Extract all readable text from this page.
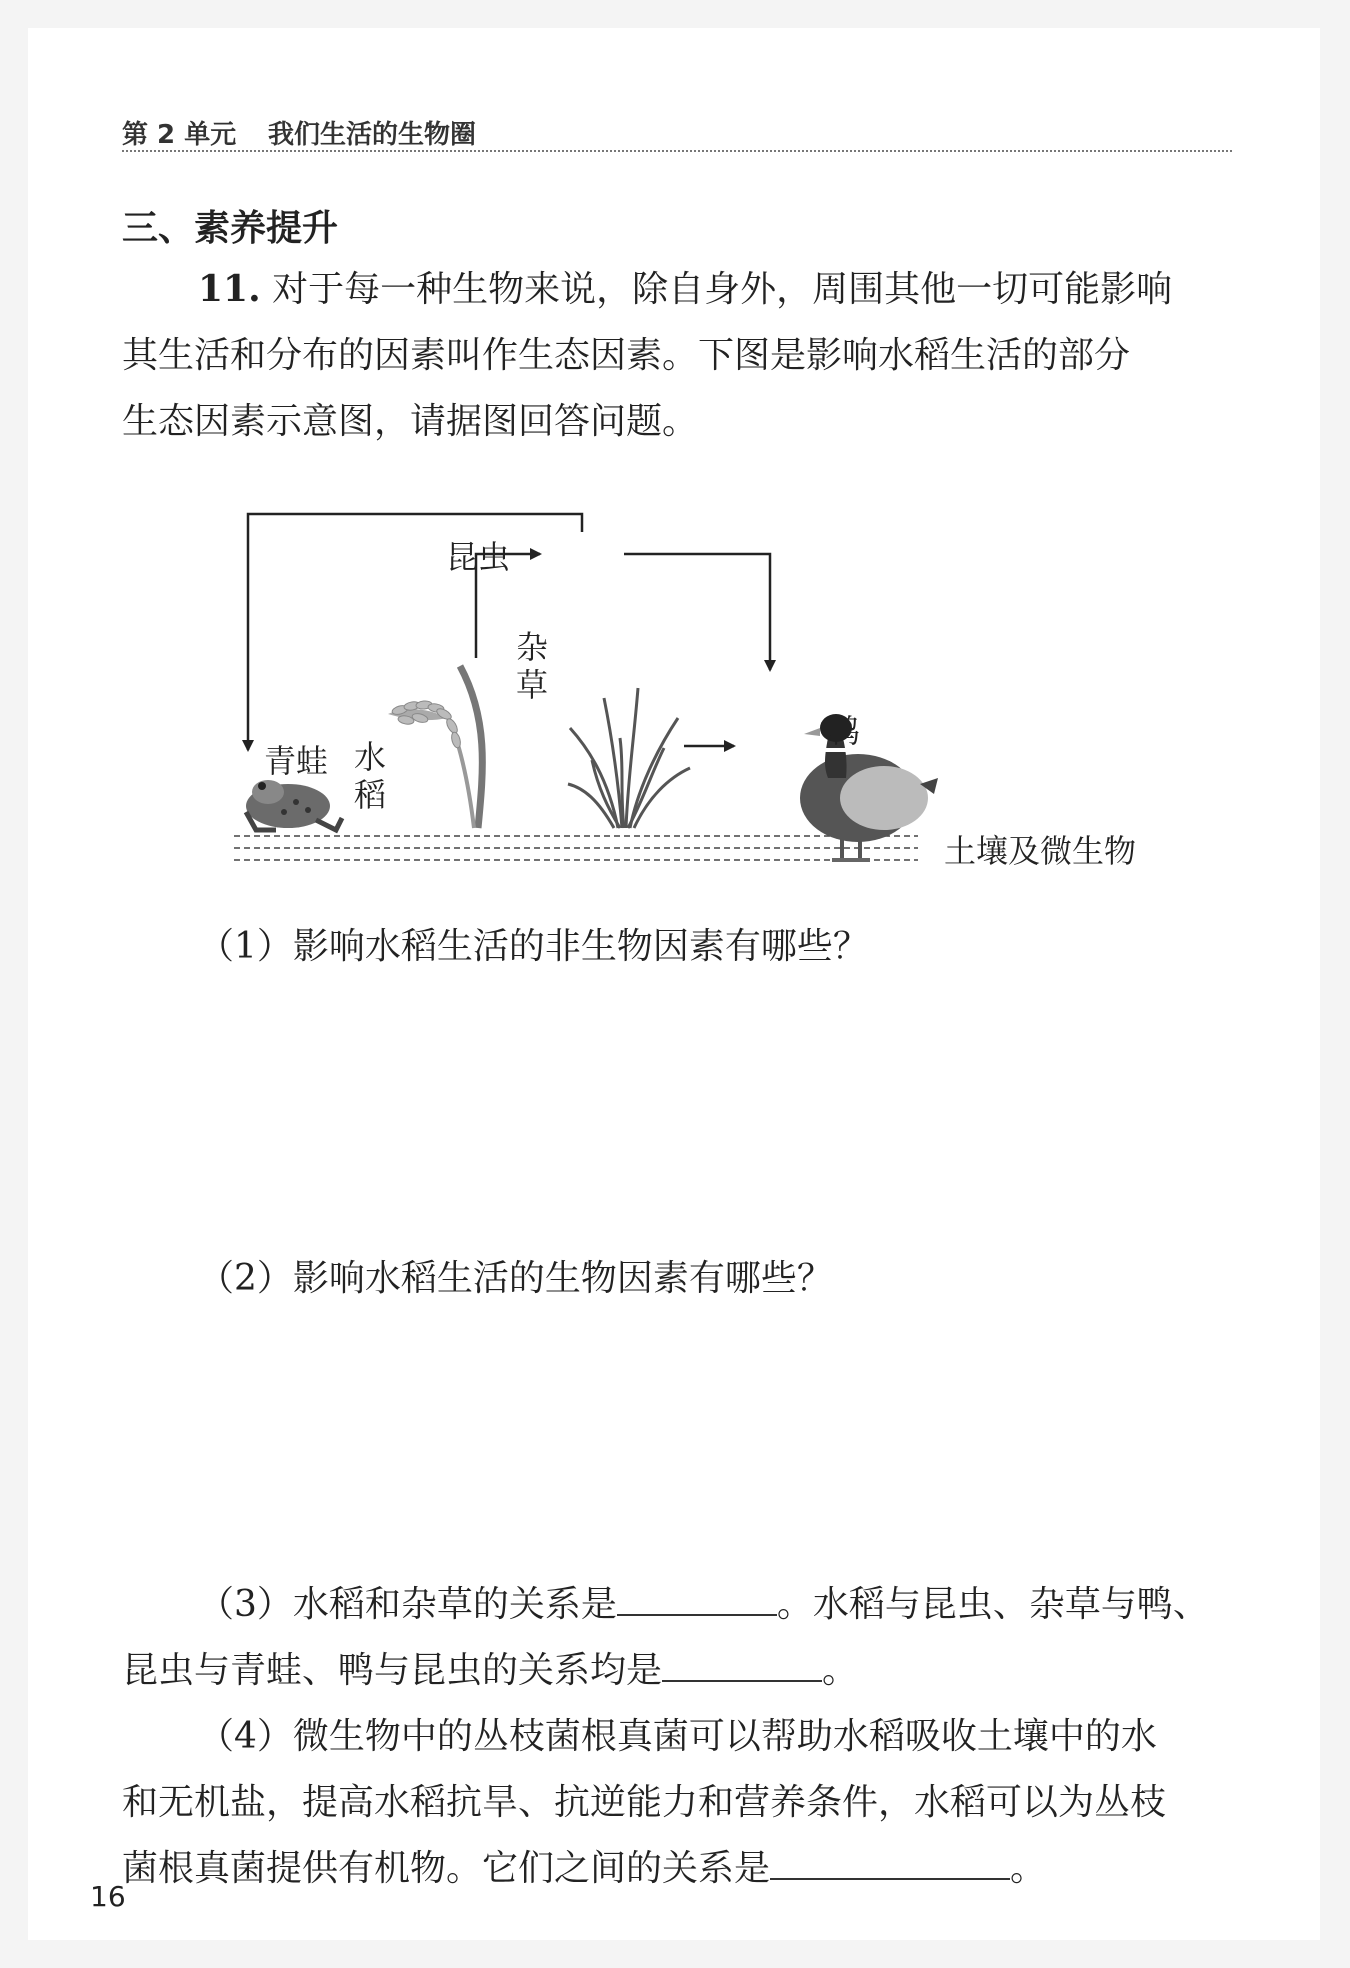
第 2 单元 我们生活的生物圈
三、素养提升
11. 对于每一种生物来说，除自身外，周围其他一切可能影响
其生活和分布的因素叫作生态因素。下图是影响水稻生活的部分
生态因素示意图，请据图回答问题。
昆虫
杂草
鸭
青蛙 水稻
土壤及微生物
（1）影响水稻生活的非生物因素有哪些？
（2）影响水稻生活的生物因素有哪些？
（3）水稻和杂草的关系是	。水稻与昆虫、杂草与鸭、
昆虫与青蛙、鸭与昆虫的关系均是	。
（4）微生物中的丛枝菌根真菌可以帮助水稻吸收土壤中的水
和无机盐，提高水稻抗旱、抗逆能力和营养条件，水稻可以为丛枝
菌根真菌提供有机物。它们之间的关系是	。
16
